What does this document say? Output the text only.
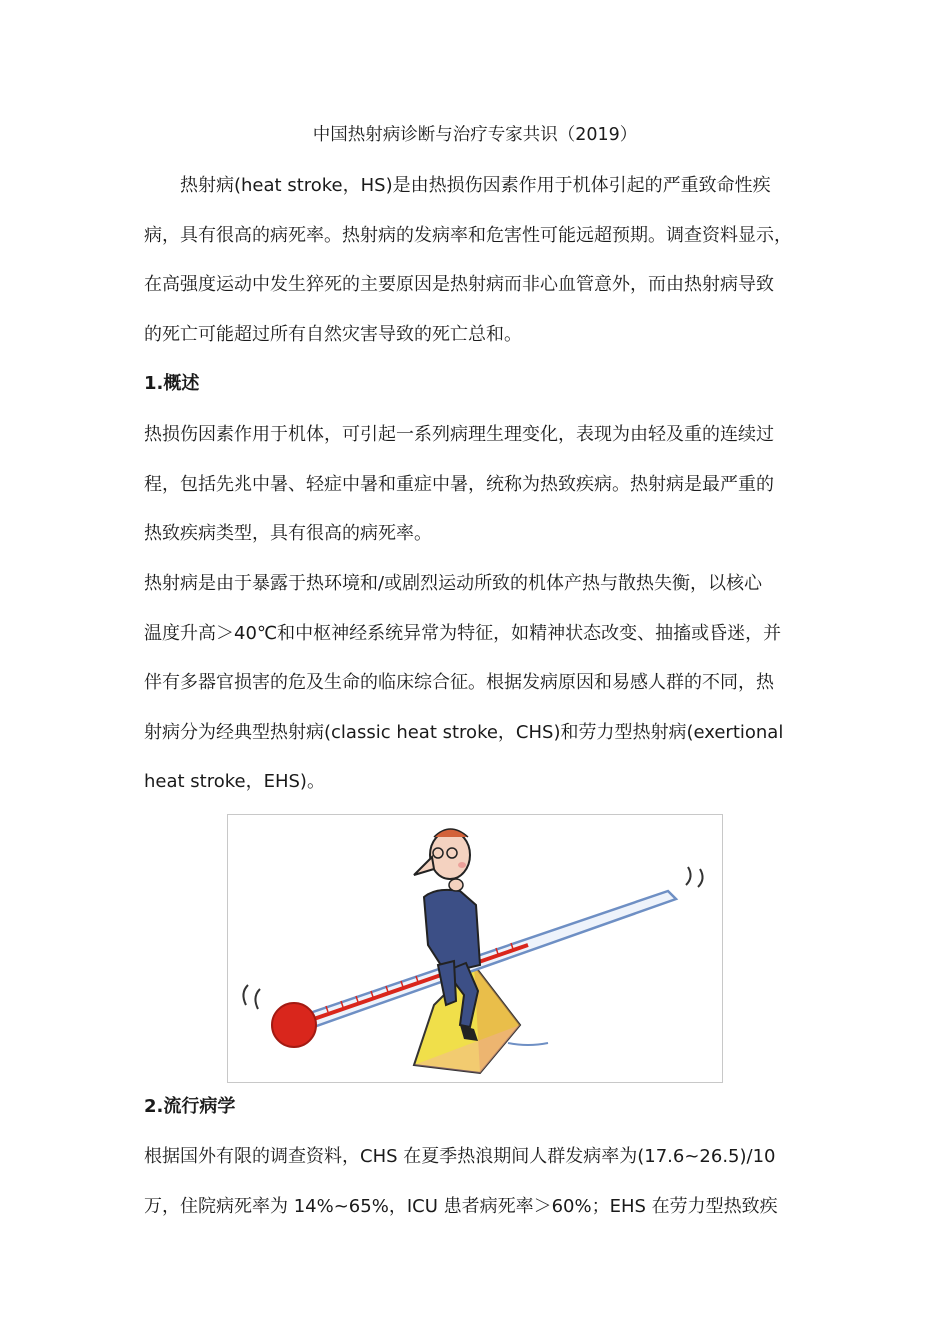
中国热射病诊断与治疗专家共识（2019）
　　热射病(heat stroke，HS)是由热损伤因素作用于机体引起的严重致命性疾
病，具有很高的病死率。热射病的发病率和危害性可能远超预期。调查资料显示，
在高强度运动中发生猝死的主要原因是热射病而非心血管意外，而由热射病导致
的死亡可能超过所有自然灾害导致的死亡总和。
1.概述
热损伤因素作用于机体，可引起一系列病理生理变化，表现为由轻及重的连续过
程，包括先兆中暑、轻症中暑和重症中暑，统称为热致疾病。热射病是最严重的
热致疾病类型，具有很高的病死率。
热射病是由于暴露于热环境和/或剧烈运动所致的机体产热与散热失衡，以核心
温度升高＞40℃和中枢神经系统异常为特征，如精神状态改变、抽搐或昏迷，并
伴有多器官损害的危及生命的临床综合征。根据发病原因和易感人群的不同，热
射病分为经典型热射病(classic heat stroke，CHS)和劳力型热射病(exertional
heat stroke，EHS)。
2.流行病学
根据国外有限的调查资料，CHS 在夏季热浪期间人群发病率为(17.6~26.5)/10
万，住院病死率为 14%~65%，ICU 患者病死率＞60%；EHS 在劳力型热致疾
